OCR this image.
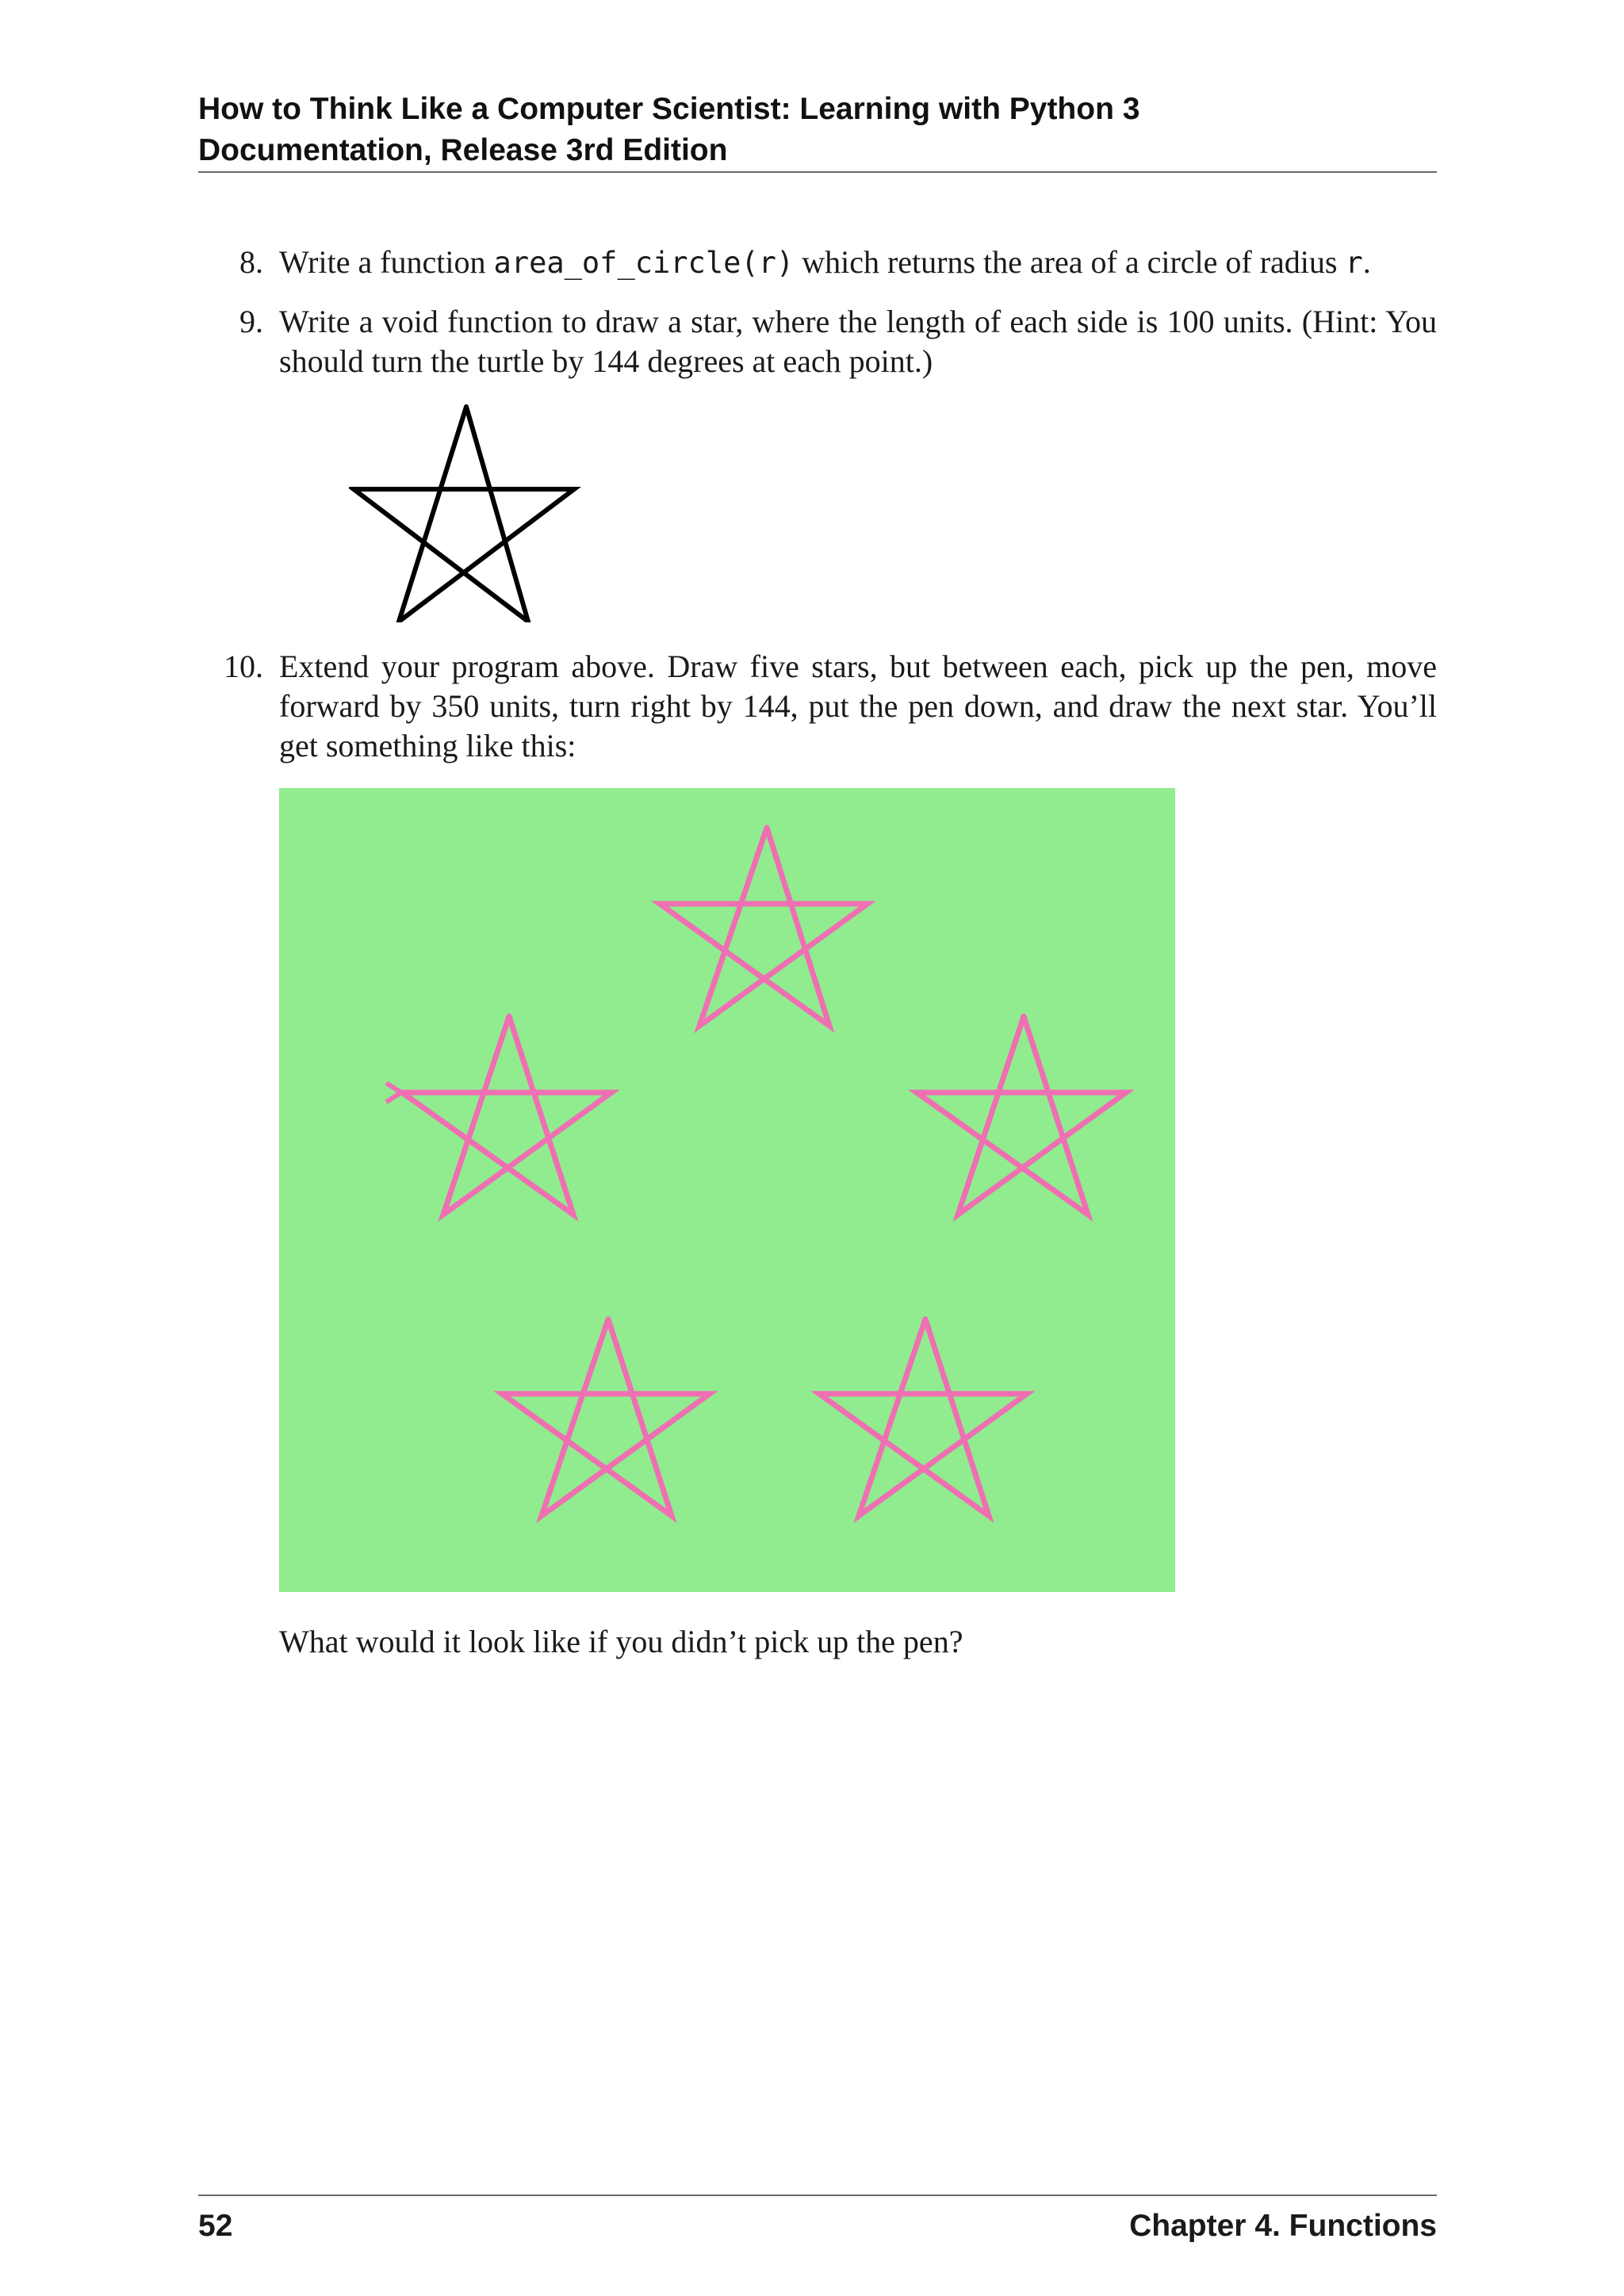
How to Think Like a Computer Scientist: Learning with Python 3
Documentation, Release 3rd Edition
8. Write a function area_of_circle(r) which returns the area of a circle of radius r.
9. Write a void function to draw a star, where the length of each side is 100 units. (Hint: You should turn the turtle by 144 degrees at each point.)
10. Extend your program above. Draw five stars, but between each, pick up the pen, move forward by 350 units, turn right by 144, put the pen down, and draw the next star. You’ll get something like this:
What would it look like if you didn’t pick up the pen?
52	Chapter 4. Functions
